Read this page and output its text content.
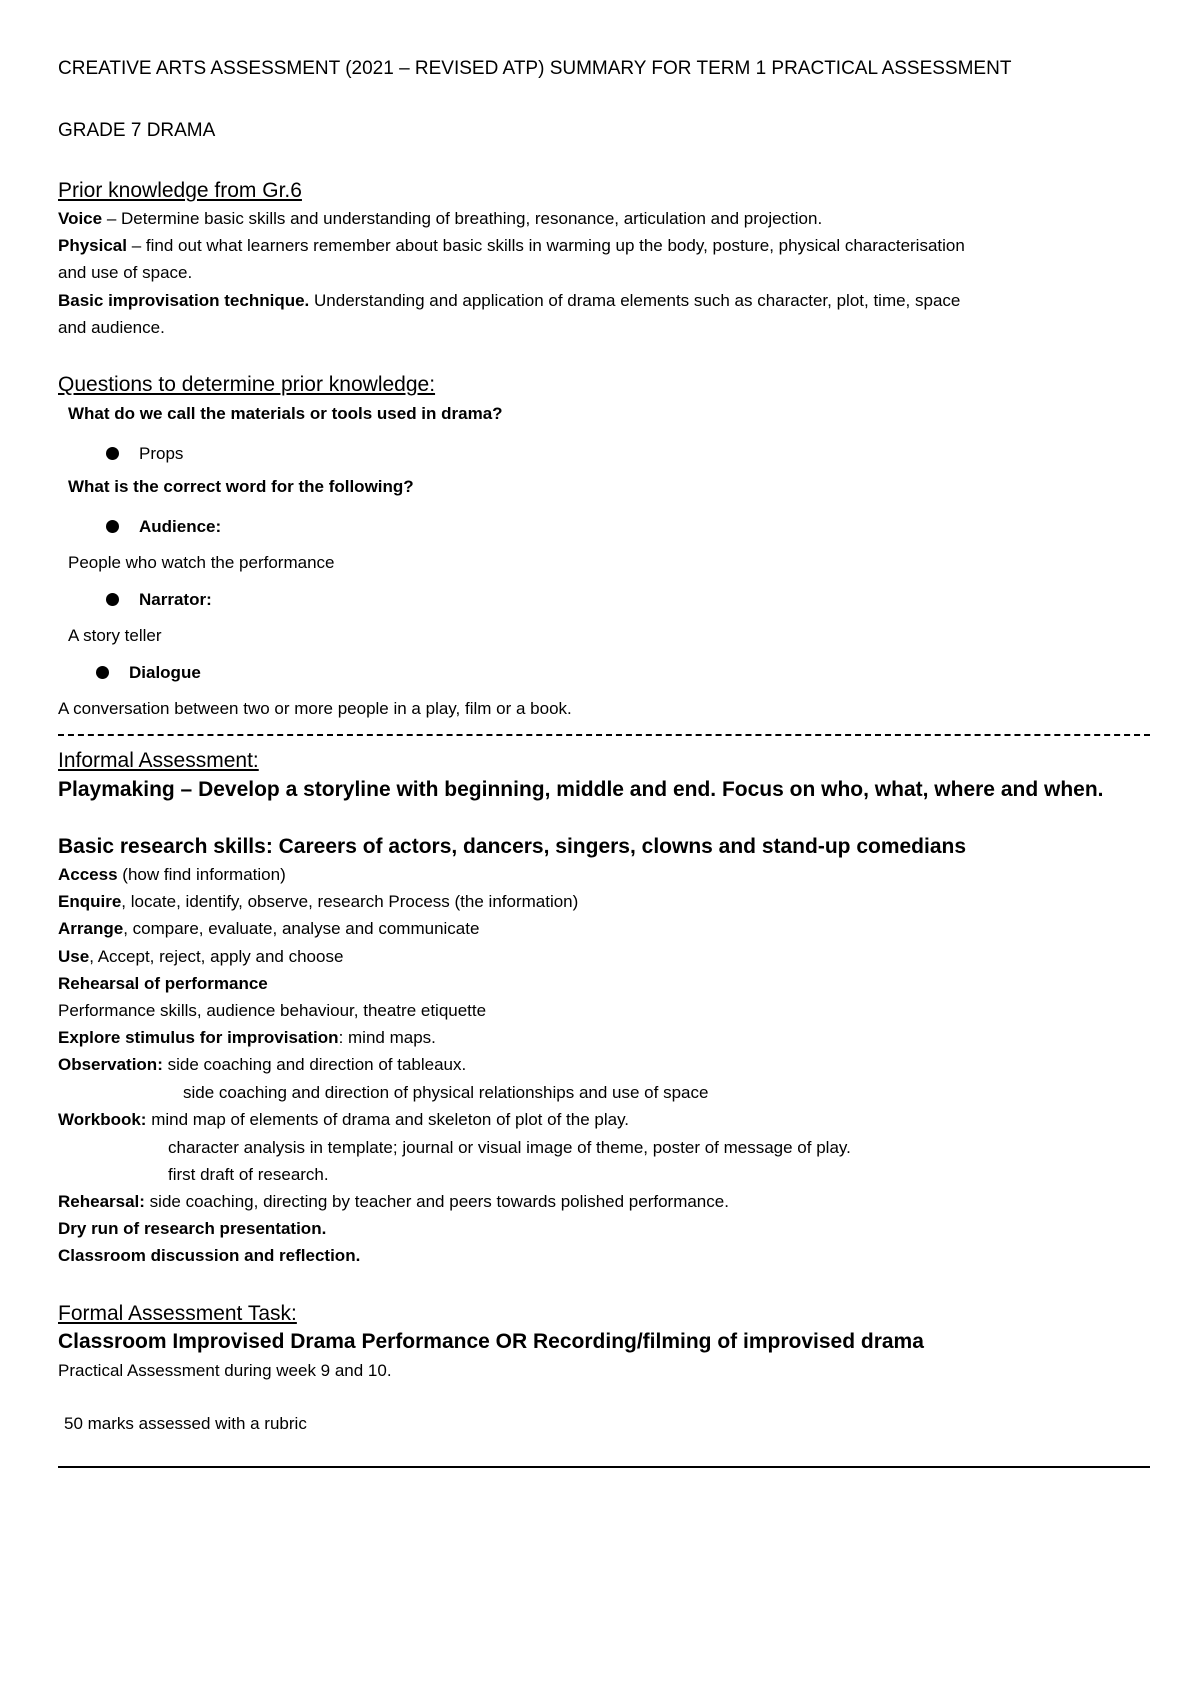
CREATIVE ARTS ASSESSMENT (2021 – REVISED ATP) SUMMARY FOR TERM 1 PRACTICAL ASSESSMENT
GRADE 7 DRAMA
Prior knowledge from Gr.6
Voice – Determine basic skills and understanding of breathing, resonance, articulation and projection.
Physical – find out what learners remember about basic skills in warming up the body, posture, physical characterisation
and use of space.
Basic improvisation technique. Understanding and application of drama elements such as character, plot, time, space
and audience.
Questions to determine prior knowledge:
What do we call the materials or tools used in drama?
Props
What is the correct word for the following?
Audience:
People who watch the performance
Narrator:
A story teller
Dialogue
A conversation between two or more people in a play, film or a book.
Informal Assessment:
Playmaking – Develop a storyline with beginning, middle and end. Focus on who, what, where and when.
Basic research skills: Careers of actors, dancers, singers, clowns and stand-up comedians
Access (how find information)
Enquire, locate, identify, observe, research Process (the information)
Arrange, compare, evaluate, analyse and communicate
Use, Accept, reject, apply and choose
Rehearsal of performance
Performance skills, audience behaviour, theatre etiquette
Explore stimulus for improvisation: mind maps.
Observation: side coaching and direction of tableaux.
side coaching and direction of physical relationships and use of space
Workbook: mind map of elements of drama and skeleton of plot of the play.
character analysis in template; journal or visual image of theme, poster of message of play.
first draft of research.
Rehearsal: side coaching, directing by teacher and peers towards polished performance.
Dry run of research presentation.
Classroom discussion and reflection.
Formal Assessment Task:
Classroom Improvised Drama Performance OR Recording/filming of improvised drama
Practical Assessment during week 9 and 10.
50 marks assessed with a rubric
